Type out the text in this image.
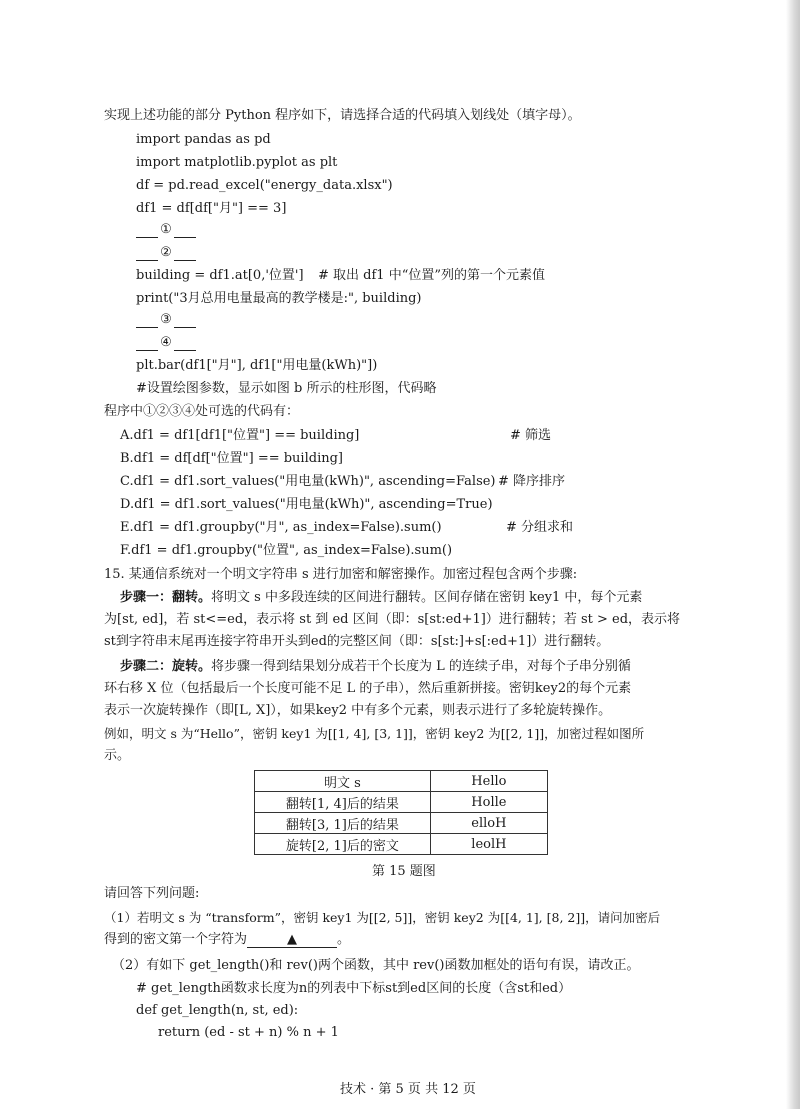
实现上述功能的部分 Python 程序如下，请选择合适的代码填入划线处（填字母）。
import pandas as pd
import matplotlib.pyplot as plt
df = pd.read_excel("energy_data.xlsx")
df1 = df[df["月"] == 3]
①
②
building = df1.at[0,'位置'] # 取出 df1 中“位置”列的第一个元素值
print("3月总用电量最高的教学楼是:", building)
③
④
plt.bar(df1["月"], df1["用电量(kWh)"])
#设置绘图参数，显示如图 b 所示的柱形图，代码略
程序中①②③④处可选的代码有：
A.df1 = df1[df1["位置"] == building]	# 筛选
B.df1 = df[df["位置"] == building]
C.df1 = df1.sort_values("用电量(kWh)", ascending=False) # 降序排序
D.df1 = df1.sort_values("用电量(kWh)", ascending=True)
E.df1 = df1.groupby("月", as_index=False).sum()	# 分组求和
F.df1 = df1.groupby("位置", as_index=False).sum()
15. 某通信系统对一个明文字符串 s 进行加密和解密操作。加密过程包含两个步骤:
步骤一：翻转。将明文 s 中多段连续的区间进行翻转。区间存储在密钥 key1 中，每个元素
为[st, ed]，若 st<=ed，表示将 st 到 ed 区间（即：s[st:ed+1]）进行翻转；若 st > ed，表示将
st到字符串末尾再连接字符串开头到ed的完整区间（即：s[st:]+s[:ed+1]）进行翻转。
步骤二：旋转。将步骤一得到结果划分成若干个长度为 L 的连续子串，对每个子串分别循
环右移 X 位（包括最后一个长度可能不足 L 的子串），然后重新拼接。密钥key2的每个元素
表示一次旋转操作（即[L, X]），如果key2 中有多个元素，则表示进行了多轮旋转操作。
例如，明文 s 为“Hello”，密钥 key1 为[[1, 4], [3, 1]]，密钥 key2 为[[2, 1]]，加密过程如图所
示。
明文 s	Hello
翻转[1, 4]后的结果	Holle
翻转[3, 1]后的结果	elloH
旋转[2, 1]后的密文	leolH
第 15 题图
请回答下列问题:
（1）若明文 s 为 “transform”，密钥 key1 为[[2, 5]]，密钥 key2 为[[4, 1], [8, 2]]，请问加密后
得到的密文第一个字符为	▲	。
（2）有如下 get_length()和 rev()两个函数，其中 rev()函数加框处的语句有误，请改正。
# get_length函数求长度为n的列表中下标st到ed区间的长度（含st和ed）
def get_length(n, st, ed):
return (ed - st + n) % n + 1
技术 · 第 5 页 共 12 页
